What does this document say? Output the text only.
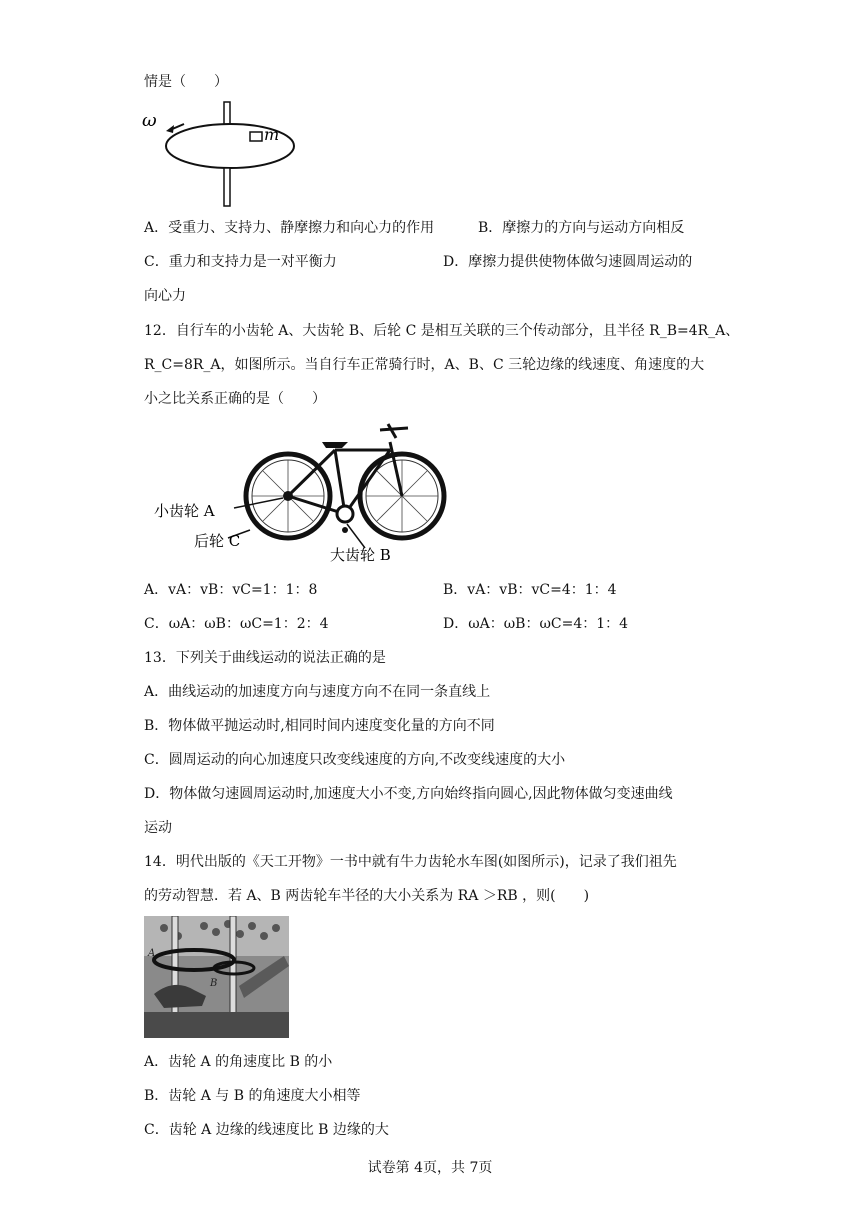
情是（　　）
ω
m
A．受重力、支持力、静摩擦力和向心力的作用	B．摩擦力的方向与运动方向相反
C．重力和支持力是一对平衡力	D．摩擦力提供使物体做匀速圆周运动的
向心力
12．自行车的小齿轮 A、大齿轮 B、后轮 C 是相互关联的三个传动部分，且半径 R_B=4R_A、
R_C=8R_A，如图所示。当自行车正常骑行时，A、B、C 三轮边缘的线速度、角速度的大
小之比关系正确的是（　　）
小齿轮 A
后轮 C
大齿轮 B
A．vA：vB：vC=1：1：8	B．vA：vB：vC=4：1：4
C．ωA：ωB：ωC=1：2：4	D．ωA：ωB：ωC=4：1：4
13．下列关于曲线运动的说法正确的是
A．曲线运动的加速度方向与速度方向不在同一条直线上
B．物体做平抛运动时,相同时间内速度变化量的方向不同
C．圆周运动的向心加速度只改变线速度的方向,不改变线速度的大小
D．物体做匀速圆周运动时,加速度大小不变,方向始终指向圆心,因此物体做匀变速曲线
运动
14．明代出版的《天工开物》一书中就有牛力齿轮水车图(如图所示)，记录了我们祖先
的劳动智慧．若 A、B 两齿轮车半径的大小关系为 RA ＞RB ，则(　　)
A
B
A．齿轮 A 的角速度比 B 的小
B．齿轮 A 与 B 的角速度大小相等
C．齿轮 A 边缘的线速度比 B 边缘的大
试卷第 4页，共 7页
